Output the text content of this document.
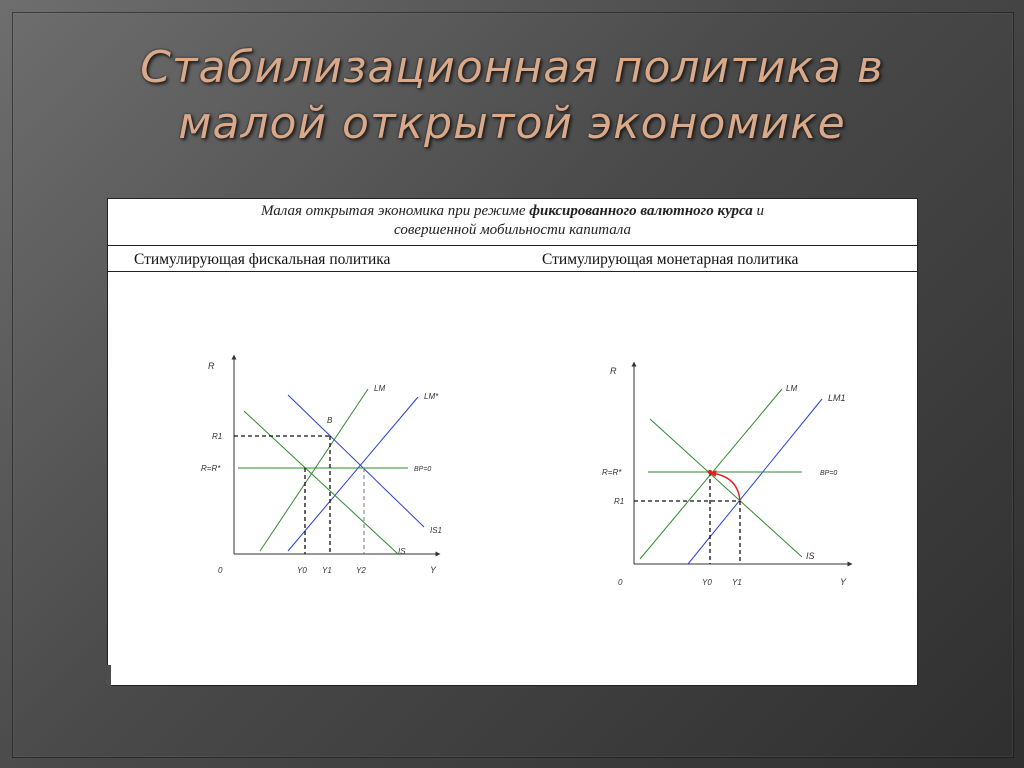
Стабилизационная политика в
малой открытой экономике
Малая открытая экономика при режиме фиксированного валютного курса и
совершенной мобильности капитала
Стимулирующая фискальная политика	Стимулирующая монетарная политика
R
Y
0
LM
LM*
B
R1
R=R*	BP=0
IS1
IS
Y0 Y1	Y2
R
Y
0
LM
LM1
R=R*
R1
BP=0
IS
Y0	Y1
